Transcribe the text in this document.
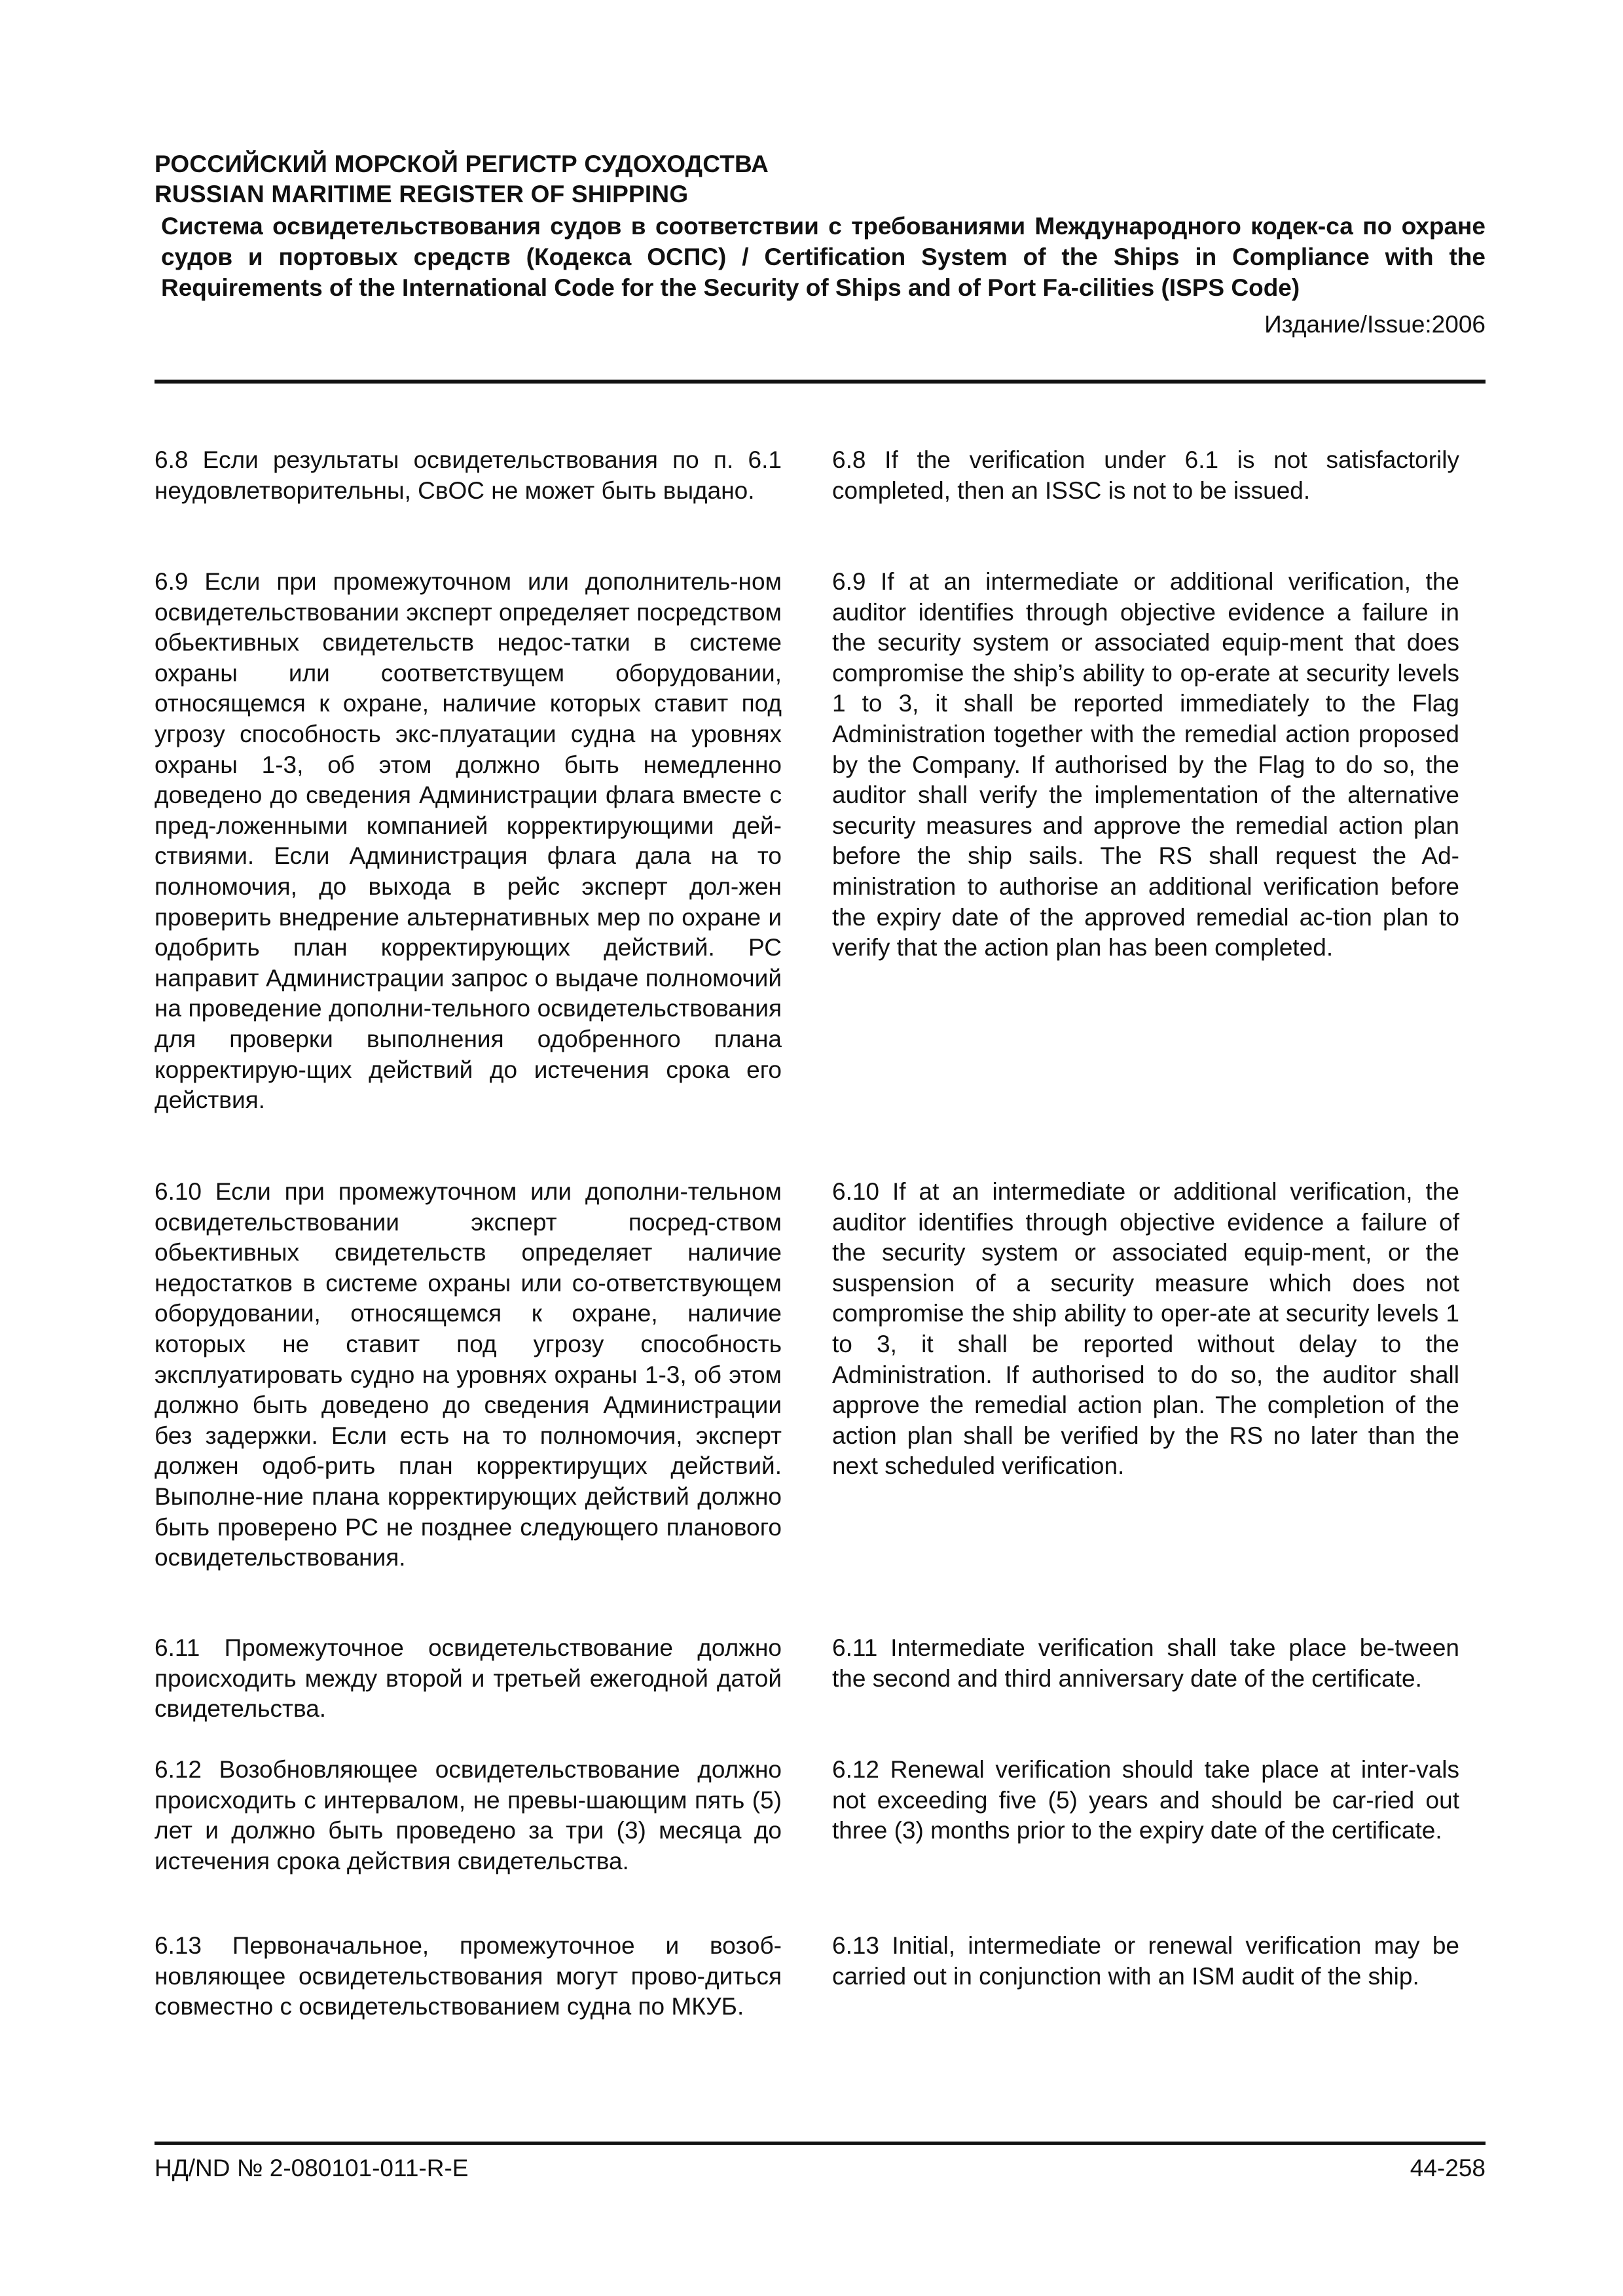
РОССИЙСКИЙ МОРСКОЙ РЕГИСТР СУДОХОДСТВА
RUSSIAN MARITIME REGISTER OF SHIPPING
Система освидетельствования судов в соответствии с требованиями Международного кодек-са по охране судов и портовых средств (Кодекса ОСПС) / Certification System of the Ships in Compliance with the Requirements of the International Code for the Security of Ships and of Port Fa-cilities (ISPS Code)
Издание/Issue:2006
6.8 Если результаты освидетельствования по п. 6.1 неудовлетворительны, СвОС не может быть выдано.
6.8 If the verification under 6.1 is not satisfactorily completed, then an ISSC is not to be issued.
6.9 Если при промежуточном или дополнитель-ном освидетельствовании эксперт определяет посредством обьективных свидетельств недос-татки в системе охраны или соответствущем оборудовании, относящемся к охране, наличие которых ставит под угрозу способность экс-плуатации судна на уровнях охраны 1-3, об этом должно быть немедленно доведено до сведения Администрации флага вместе с пред-ложенными компанией корректирующими дей-ствиями. Если Администрация флага дала на то полномочия, до выхода в рейс эксперт дол-жен проверить внедрение альтернативных мер по охране и одобрить план корректирующих действий. РС направит Администрации запрос о выдаче полномочий на проведение дополни-тельного освидетельствования для проверки выполнения одобренного плана корректирую-щих действий до истечения срока его действия.
6.9 If at an intermediate or additional verification, the auditor identifies through objective evidence a failure in the security system or associated equip-ment that does compromise the ship’s ability to op-erate at security levels 1 to 3, it shall be reported immediately to the Flag Administration together with the remedial action proposed by the Company. If authorised by the Flag to do so, the auditor shall verify the implementation of the alternative security measures and approve the remedial action plan before the ship sails. The RS shall request the Ad-ministration to authorise an additional verification before the expiry date of the approved remedial ac-tion plan to verify that the action plan has been completed.
6.10 Если при промежуточном или дополни-тельном освидетельствовании эксперт посред-ством обьективных свидетельств определяет наличие недостатков в системе охраны или со-ответствующем оборудовании, относящемся к охране, наличие которых не ставит под угрозу способность эксплуатировать судно на уровнях охраны 1-3, об этом должно быть доведено до сведения Администрации без задержки. Если есть на то полномочия, эксперт должен одоб-рить план корректирущих действий. Выполне-ние плана корректирующих действий должно быть проверено РС не позднее следующего планового освидетельствования.
6.10 If at an intermediate or additional verification, the auditor identifies through objective evidence a failure of the security system or associated equip-ment, or the suspension of a security measure which does not compromise the ship ability to oper-ate at security levels 1 to 3, it shall be reported without delay to the Administration. If authorised to do so, the auditor shall approve the remedial action plan. The completion of the action plan shall be verified by the RS no later than the next scheduled verification.
6.11 Промежуточное освидетельствование должно происходить между второй и третьей ежегодной датой свидетельства.
6.11 Intermediate verification shall take place be-tween the second and third anniversary date of the certificate.
6.12 Возобновляющее освидетельствование должно происходить с интервалом, не превы-шающим пять (5) лет и должно быть проведено за три (3) месяца до истечения срока действия свидетельства.
6.12 Renewal verification should take place at inter-vals not exceeding five (5) years and should be car-ried out three (3) months prior to the expiry date of the certificate.
6.13 Первоначальное, промежуточное и возоб-новляющее освидетельствования могут прово-диться совместно с освидетельствованием судна по МКУБ.
6.13 Initial, intermediate or renewal verification may be carried out in conjunction with an ISM audit of the ship.
НД/ND № 2-080101-011-R-E	44-258
